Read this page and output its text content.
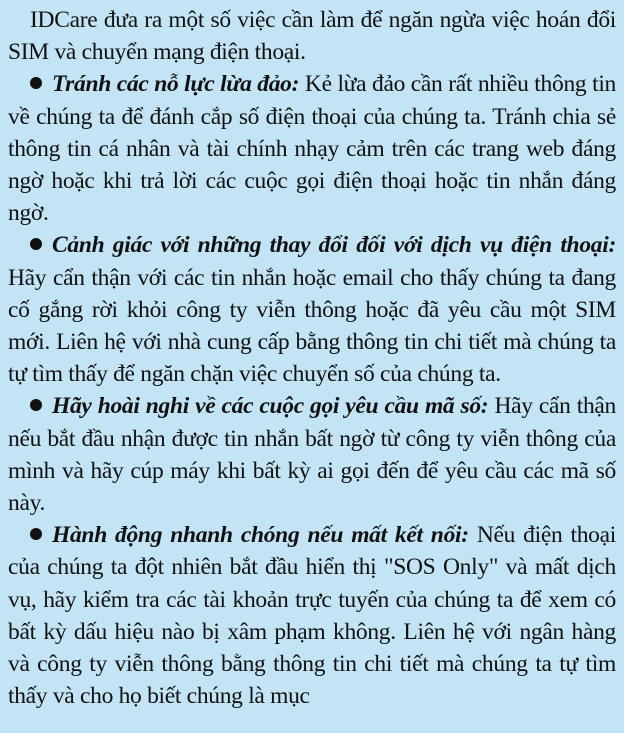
IDCare đưa ra một số việc cần làm để ngăn ngừa việc hoán đổi SIM và chuyển mạng điện thoại.

Tránh các nỗ lực lừa đảo: Kẻ lừa đảo cần rất nhiều thông tin về chúng ta để đánh cắp số điện thoại của chúng ta. Tránh chia sẻ thông tin cá nhân và tài chính nhạy cảm trên các trang web đáng ngờ hoặc khi trả lời các cuộc gọi điện thoại hoặc tin nhắn đáng ngờ.

Cảnh giác với những thay đổi đối với dịch vụ điện thoại: Hãy cẩn thận với các tin nhắn hoặc email cho thấy chúng ta đang cố gắng rời khỏi công ty viễn thông hoặc đã yêu cầu một SIM mới. Liên hệ với nhà cung cấp bằng thông tin chi tiết mà chúng ta tự tìm thấy để ngăn chặn việc chuyển số của chúng ta.

Hãy hoài nghi về các cuộc gọi yêu cầu mã số: Hãy cẩn thận nếu bắt đầu nhận được tin nhắn bất ngờ từ công ty viễn thông của mình và hãy cúp máy khi bất kỳ ai gọi đến để yêu cầu các mã số này.

Hành động nhanh chóng nếu mất kết nối: Nếu điện thoại của chúng ta đột nhiên bắt đầu hiển thị "SOS Only" và mất dịch vụ, hãy kiểm tra các tài khoản trực tuyến của chúng ta để xem có bất kỳ dấu hiệu nào bị xâm phạm không. Liên hệ với ngân hàng và công ty viễn thông bằng thông tin chi tiết mà chúng ta tự tìm thấy và cho họ biết chúng là mục
